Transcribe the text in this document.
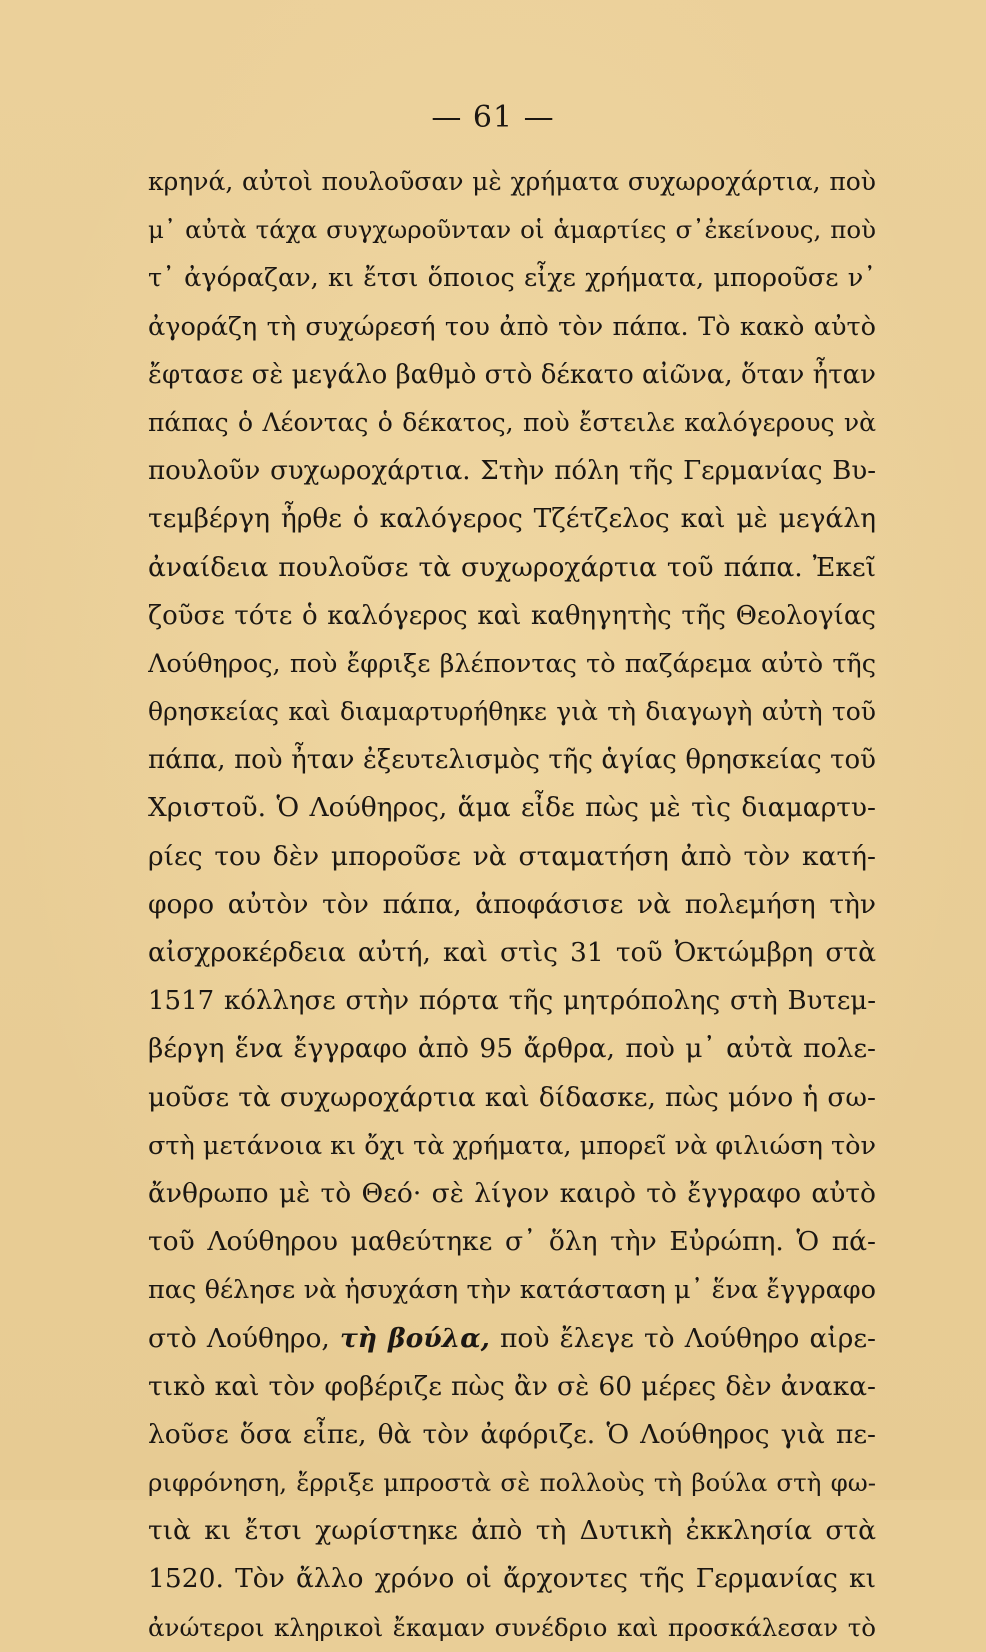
— 61 —
κρηνά, αὐτοὶ πουλοῦσαν μὲ χρήματα συχωροχάρτια, ποὺ
μ᾿ αὐτὰ τάχα συγχωροῦνταν οἱ ἁμαρτίες σ᾿ἐκείνους, ποὺ
τ᾿ ἀγόραζαν, κι ἔτσι ὅποιος εἶχε χρήματα, μποροῦσε ν᾿
ἀγοράζη τὴ συχώρεσή του ἀπὸ τὸν πάπα. Τὸ κακὸ αὐτὸ
ἔφτασε σὲ μεγάλο βαθμὸ στὸ δέκατο αἰῶνα, ὅταν ἦταν
πάπας ὁ Λέοντας ὁ δέκατος, ποὺ ἔστειλε καλόγερους νὰ
πουλοῦν συχωροχάρτια. Στὴν πόλη τῆς Γερμανίας Βυ-
τεμβέργη ἦρθε ὁ καλόγερος Τζέτζελος καὶ μὲ μεγάλη
ἀναίδεια πουλοῦσε τὰ συχωροχάρτια τοῦ πάπα. Ἐκεῖ
ζοῦσε τότε ὁ καλόγερος καὶ καθηγητὴς τῆς Θεολογίας
Λούθηρος, ποὺ ἔφριξε βλέποντας τὸ παζάρεμα αὐτὸ τῆς
θρησκείας καὶ διαμαρτυρήθηκε γιὰ τὴ διαγωγὴ αὐτὴ τοῦ
πάπα, ποὺ ἦταν ἐξευτελισμὸς τῆς ἁγίας θρησκείας τοῦ
Χριστοῦ. Ὁ Λούθηρος, ἅμα εἶδε πὼς μὲ τὶς διαμαρτυ-
ρίες του δὲν μποροῦσε νὰ σταματήση ἀπὸ τὸν κατή-
φορο αὐτὸν τὸν πάπα, ἀποφάσισε νὰ πολεμήση τὴν
αἰσχροκέρδεια αὐτή, καὶ στὶς 31 τοῦ Ὀκτώμβρη στὰ
1517 κόλλησε στὴν πόρτα τῆς μητρόπολης στὴ Βυτεμ-
βέργη ἕνα ἔγγραφο ἀπὸ 95 ἄρθρα, ποὺ μ᾿ αὐτὰ πολε-
μοῦσε τὰ συχωροχάρτια καὶ δίδασκε, πὼς μόνο ἡ σω-
στὴ μετάνοια κι ὄχι τὰ χρήματα, μπορεῖ νὰ φιλιώση τὸν
ἄνθρωπο μὲ τὸ Θεό· σὲ λίγον καιρὸ τὸ ἔγγραφο αὐτὸ
τοῦ Λούθηρου μαθεύτηκε σ᾿ ὅλη τὴν Εὐρώπη. Ὁ πά-
πας θέλησε νὰ ἡσυχάση τὴν κατάσταση μ᾿ ἕνα ἔγγραφο
στὸ Λούθηρο, τὴ βούλα, ποὺ ἔλεγε τὸ Λούθηρο αἱρε-
τικὸ καὶ τὸν φοβέριζε πὼς ἂν σὲ 60 μέρες δὲν ἀνακα-
λοῦσε ὅσα εἶπε, θὰ τὸν ἀφόριζε. Ὁ Λούθηρος γιὰ πε-
ριφρόνηση, ἔρριξε μπροστὰ σὲ πολλοὺς τὴ βούλα στὴ φω-
τιὰ κι ἔτσι χωρίστηκε ἀπὸ τὴ Δυτικὴ ἐκκλησία στὰ
1520. Τὸν ἄλλο χρόνο οἱ ἄρχοντες τῆς Γερμανίας κι
ἀνώτεροι κληρικοὶ ἔκαμαν συνέδριο καὶ προσκάλεσαν τὸ
